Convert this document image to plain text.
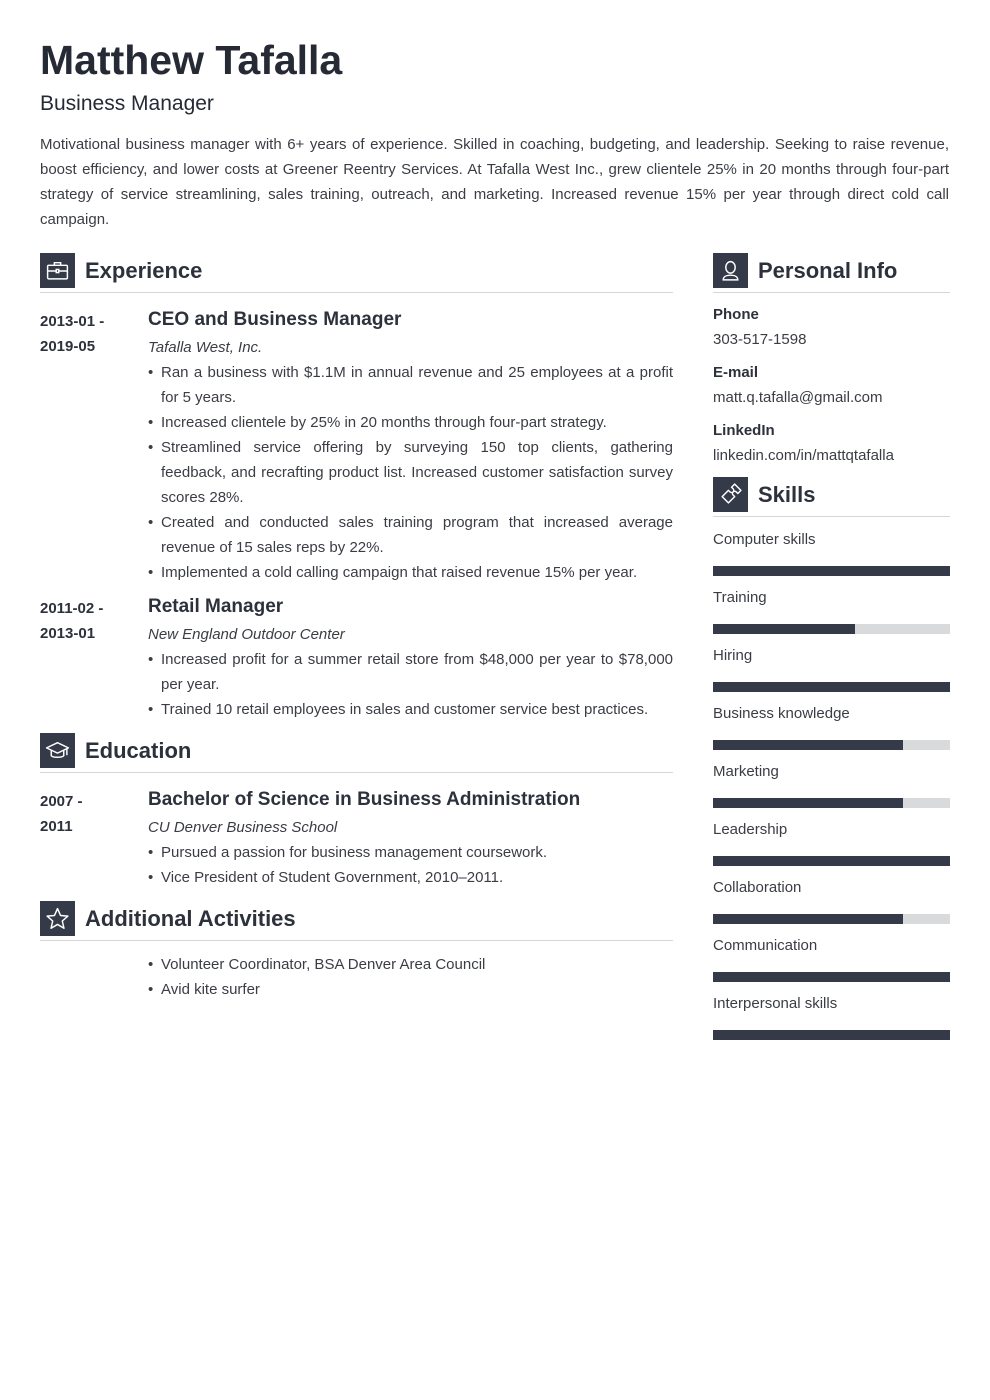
Matthew Tafalla
Business Manager
Motivational business manager with 6+ years of experience. Skilled in coaching, budgeting, and leadership. Seeking to raise revenue, boost efficiency, and lower costs at Greener Reentry Services. At Tafalla West Inc., grew clientele 25% in 20 months through four-part strategy of service streamlining, sales training, outreach, and marketing. Increased revenue 15% per year through direct cold call campaign.
Experience
2013-01 -
2019-05
CEO and Business Manager
Tafalla West, Inc.
• Ran a business with $1.1M in annual revenue and 25 employees at a profit for 5 years.
• Increased clientele by 25% in 20 months through four-part strategy.
• Streamlined service offering by surveying 150 top clients, gathering feedback, and recrafting product list. Increased customer satisfaction survey scores 28%.
• Created and conducted sales training program that increased average revenue of 15 sales reps by 22%.
• Implemented a cold calling campaign that raised revenue 15% per year.
2011-02 -
2013-01
Retail Manager
New England Outdoor Center
• Increased profit for a summer retail store from $48,000 per year to $78,000 per year.
• Trained 10 retail employees in sales and customer service best practices.
Education
2007 -
2011
Bachelor of Science in Business Administration
CU Denver Business School
• Pursued a passion for business management coursework.
• Vice President of Student Government, 2010–2011.
Additional Activities
• Volunteer Coordinator, BSA Denver Area Council
• Avid kite surfer
Personal Info
Phone
303-517-1598
E-mail
matt.q.tafalla@gmail.com
LinkedIn
linkedin.com/in/mattqtafalla
Skills
Computer skills
Training
Hiring
Business knowledge
Marketing
Leadership
Collaboration
Communication
Interpersonal skills
